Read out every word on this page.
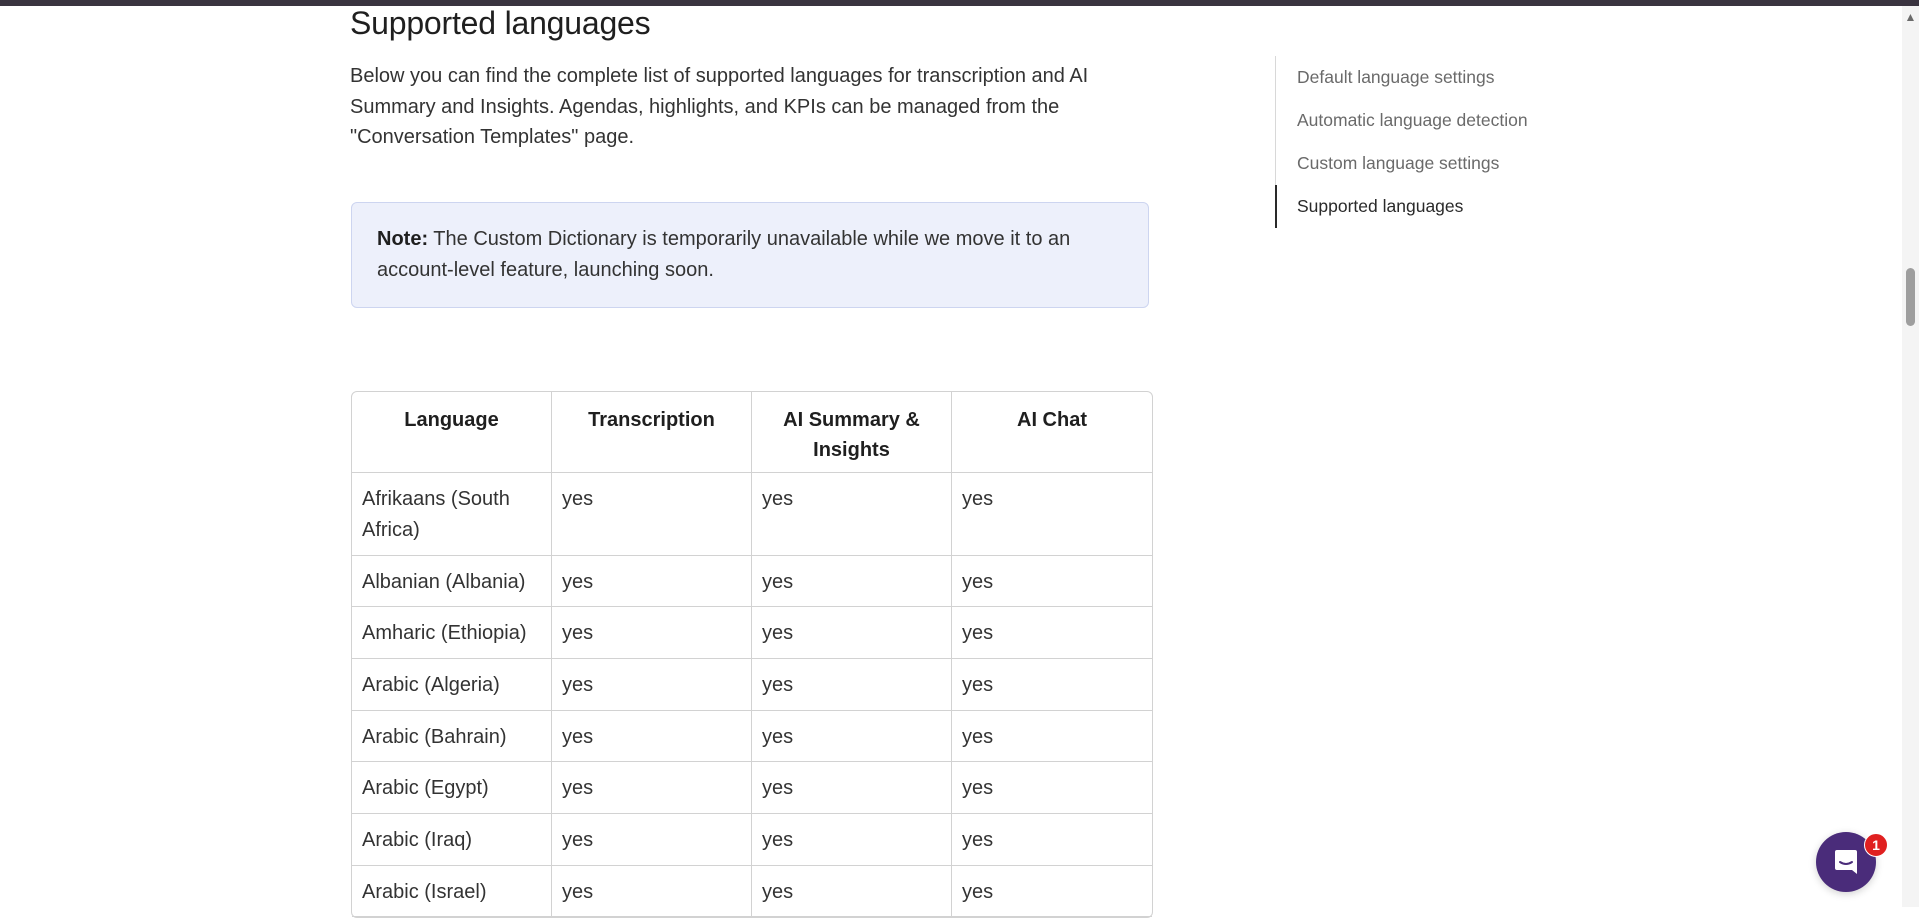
Supported languages

Below you can find the complete list of supported languages for transcription and AI Summary and Insights. Agendas, highlights, and KPIs can be managed from the "Conversation Templates" page.

Note: The Custom Dictionary is temporarily unavailable while we move it to an account-level feature, launching soon.
Language	Transcription	AI Summary & Insights	AI Chat
Afrikaans (South Africa)	yes	yes	yes
Albanian (Albania)	yes	yes	yes
Amharic (Ethiopia)	yes	yes	yes
Arabic (Algeria)	yes	yes	yes
Arabic (Bahrain)	yes	yes	yes
Arabic (Egypt)	yes	yes	yes
Arabic (Iraq)	yes	yes	yes
Arabic (Israel)	yes	yes	yes
Default language settings
Automatic language detection
Custom language settings
Supported languages
▲
1
